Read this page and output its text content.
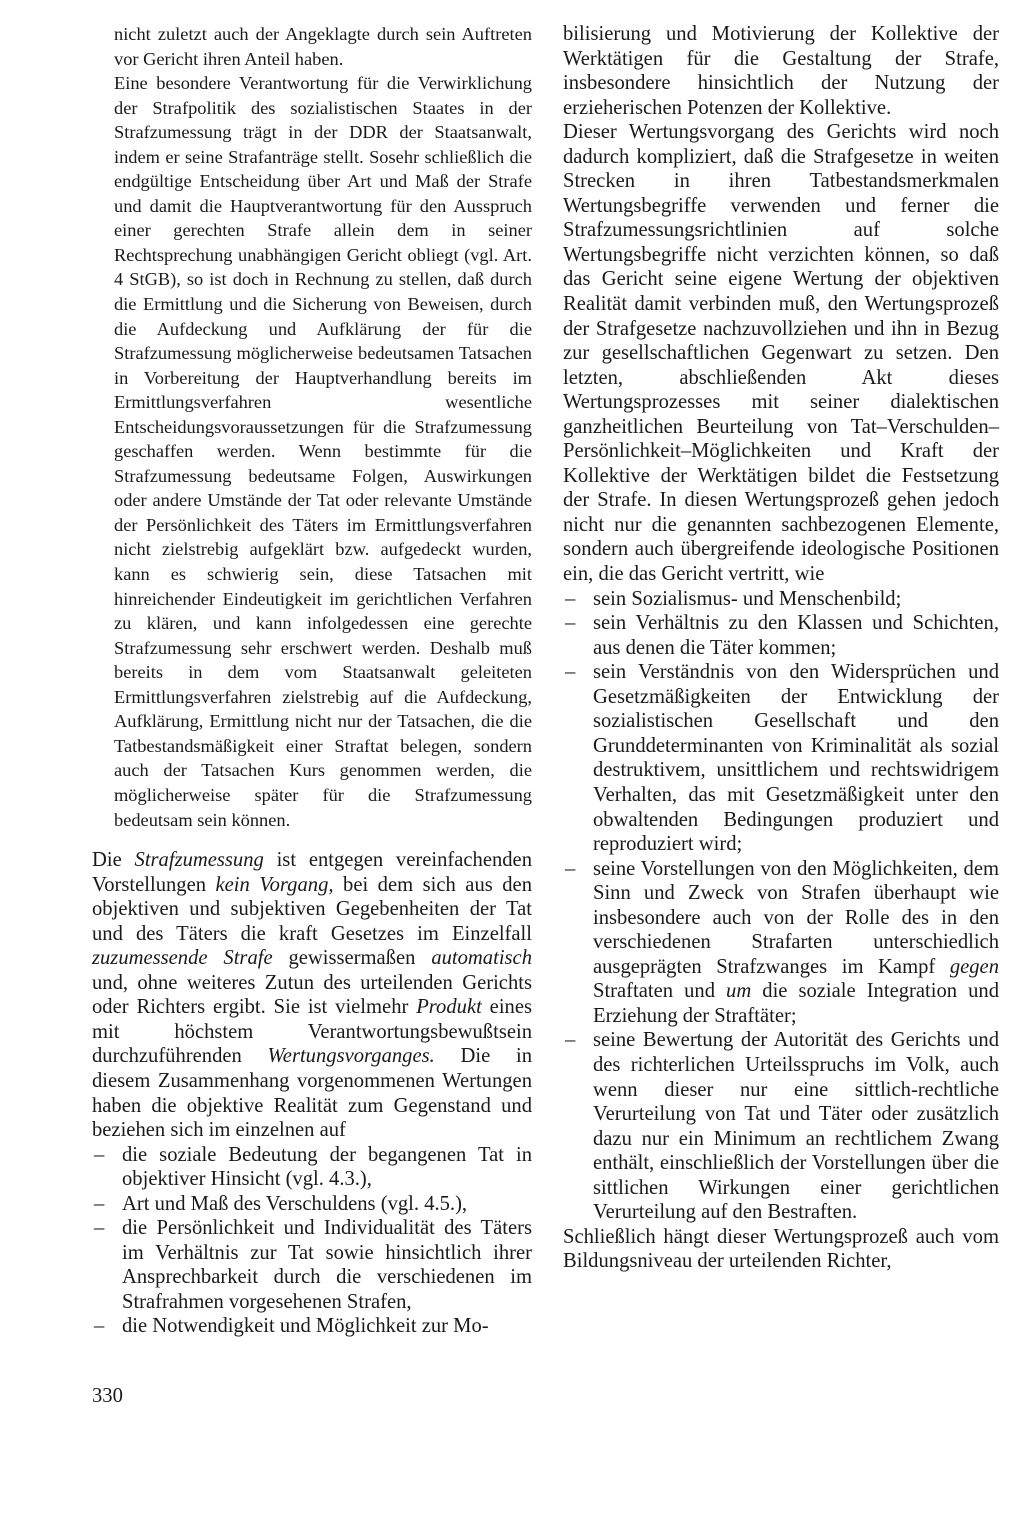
nicht zuletzt auch der Angeklagte durch sein Auftreten vor Gericht ihren Anteil haben.

Eine besondere Verantwortung für die Verwirklichung der Strafpolitik des sozialistischen Staates in der Strafzumessung trägt in der DDR der Staatsanwalt, indem er seine Strafanträge stellt. Sosehr schließlich die endgültige Entscheidung über Art und Maß der Strafe und damit die Hauptverantwortung für den Ausspruch einer gerechten Strafe allein dem in seiner Rechtsprechung unabhängigen Gericht obliegt (vgl. Art. 4 StGB), so ist doch in Rechnung zu stellen, daß durch die Ermittlung und die Sicherung von Beweisen, durch die Aufdeckung und Aufklärung der für die Strafzumessung möglicherweise bedeutsamen Tatsachen in Vorbereitung der Hauptverhandlung bereits im Ermittlungsverfahren wesentliche Entscheidungsvoraussetzungen für die Strafzumessung geschaffen werden. Wenn bestimmte für die Strafzumessung bedeutsame Folgen, Auswirkungen oder andere Umstände der Tat oder relevante Umstände der Persönlichkeit des Täters im Ermittlungsverfahren nicht zielstrebig aufgeklärt bzw. aufgedeckt wurden, kann es schwierig sein, diese Tatsachen mit hinreichender Eindeutigkeit im gerichtlichen Verfahren zu klären, und kann infolgedessen eine gerechte Strafzumessung sehr erschwert werden. Deshalb muß bereits in dem vom Staatsanwalt geleiteten Ermittlungsverfahren zielstrebig auf die Aufdeckung, Aufklärung, Ermittlung nicht nur der Tatsachen, die die Tatbestandsmäßigkeit einer Straftat belegen, sondern auch der Tatsachen Kurs genommen werden, die möglicherweise später für die Strafzumessung bedeutsam sein können.

Die Strafzumessung ist entgegen vereinfachenden Vorstellungen kein Vorgang, bei dem sich aus den objektiven und subjektiven Gegebenheiten der Tat und des Täters die kraft Gesetzes im Einzelfall zuzumessende Strafe gewissermaßen automatisch und, ohne weiteres Zutun des urteilenden Gerichts oder Richters ergibt. Sie ist vielmehr Produkt eines mit höchstem Verantwortungsbewußtsein durchzuführenden Wertungsvorganges. Die in diesem Zusammenhang vorgenommenen Wertungen haben die objektive Realität zum Gegenstand und beziehen sich im einzelnen auf

– die soziale Bedeutung der begangenen Tat in objektiver Hinsicht (vgl. 4.3.),
– Art und Maß des Verschuldens (vgl. 4.5.),
– die Persönlichkeit und Individualität des Täters im Verhältnis zur Tat sowie hinsichtlich ihrer Ansprechbarkeit durch die verschiedenen im Strafrahmen vorgesehenen Strafen,
– die Notwendigkeit und Möglichkeit zur Mo-

bilisierung und Motivierung der Kollektive der Werktätigen für die Gestaltung der Strafe, insbesondere hinsichtlich der Nutzung der erzieherischen Potenzen der Kollektive.

Dieser Wertungsvorgang des Gerichts wird noch dadurch kompliziert, daß die Strafgesetze in weiten Strecken in ihren Tatbestandsmerkmalen Wertungsbegriffe verwenden und ferner die Strafzumessungsrichtlinien auf solche Wertungsbegriffe nicht verzichten können, so daß das Gericht seine eigene Wertung der objektiven Realität damit verbinden muß, den Wertungsprozeß der Strafgesetze nachzuvollziehen und ihn in Bezug zur gesellschaftlichen Gegenwart zu setzen. Den letzten, abschließenden Akt dieses Wertungsprozesses mit seiner dialektischen ganzheitlichen Beurteilung von Tat–Verschulden–Persönlichkeit–Möglichkeiten und Kraft der Kollektive der Werktätigen bildet die Festsetzung der Strafe. In diesen Wertungsprozeß gehen jedoch nicht nur die genannten sachbezogenen Elemente, sondern auch übergreifende ideologische Positionen ein, die das Gericht vertritt, wie

– sein Sozialismus- und Menschenbild;
– sein Verhältnis zu den Klassen und Schichten, aus denen die Täter kommen;
– sein Verständnis von den Widersprüchen und Gesetzmäßigkeiten der Entwicklung der sozialistischen Gesellschaft und den Grunddeterminanten von Kriminalität als sozial destruktivem, unsittlichem und rechtswidrigem Verhalten, das mit Gesetzmäßigkeit unter den obwaltenden Bedingungen produziert und reproduziert wird;
– seine Vorstellungen von den Möglichkeiten, dem Sinn und Zweck von Strafen überhaupt wie insbesondere auch von der Rolle des in den verschiedenen Strafarten unterschiedlich ausgeprägten Strafzwanges im Kampf gegen Straftaten und um die soziale Integration und Erziehung der Straftäter;
– seine Bewertung der Autorität des Gerichts und des richterlichen Urteilsspruchs im Volk, auch wenn dieser nur eine sittlich-rechtliche Verurteilung von Tat und Täter oder zusätzlich dazu nur ein Minimum an rechtlichem Zwang enthält, einschließlich der Vorstellungen über die sittlichen Wirkungen einer gerichtlichen Verurteilung auf den Bestraften.

Schließlich hängt dieser Wertungsprozeß auch vom Bildungsniveau der urteilenden Richter,

330
